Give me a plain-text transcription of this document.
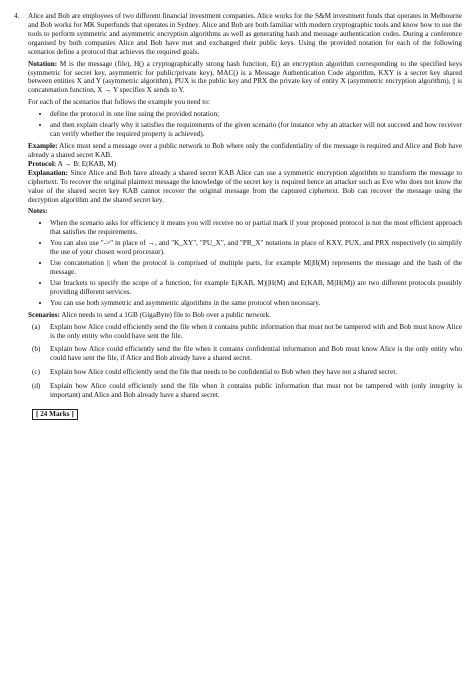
4. Alice and Bob are employees of two different financial investment companies. Alice works for the S&M investment funds that operates in Melbourne and Bob works for MK Superfunds that operates in Sydney. Alice and Bob are both familiar with modern cryptographic tools and know how to use the tools to perform symmetric and asymmetric encryption algorithms as well as generating hash and message authentication codes. During a conference organised by both companies Alice and Bob have met and exchanged their public keys. Using the provided notation for each of the following scenarios define a protocol that achieves the required goals.

Notation: M is the message (file), H() a cryptographically strong hash function, E() an encryption algorithm corresponding to the specified keys (symmetric for secret key, asymmetric for public/private key), MAC() is a Message Authentication Code algorithm, KXY is a secret key shared between entities X and Y (asymmetric algorithm), PUX is the public key and PRX the private key of entity X (asymmetric encryption algorithm), || is concatenation function, X → Y specifies X sends to Y.

For each of the scenarios that follows the example you need to:

• define the protocol in one line using the provided notation;
• and then explain clearly why it satisfies the requirements of the given scenario (for instance why an attacker will not succeed and how receiver can verify whether the required property is achieved).

Example: Alice must send a message over a public network to Bob where only the confidentiality of the message is required and Alice and Bob have already a shared secret KAB.
Protocol: A → B: E(KAB, M)
Explanation: Since Alice and Bob have already a shared secret KAB Alice can use a symmetric encryption algorithm to transform the message to ciphertext. To recover the original plaintext message the knowledge of the secret key is required hence an attacker such as Eve who does not know the value of the shared secret key KAB cannot recover the original message from the captured ciphertext. Bob can recover the message using the decryption algorithm and the shared secret key.

Notes:

• When the scenario asks for efficiency it means you will receive no or partial mark if your proposed protocol is not the most efficient approach that satisfies the requirements.
• You can also use "->" in place of →, and "K_XY", "PU_X", and "PR_X" notations in place of KXY, PUX, and PRX respectively (to simplify the use of your chosen word processor).
• Use concatenation || when the protocol is comprised of multiple parts, for example M||H(M) represents the message and the hash of the message.
• Use brackets to specify the scope of a function, for example E(KAB, M)||H(M) and E(KAB, M||H(M)) are two different protocols possibly providing different services.
• You can use both symmetric and asymmetric algorithms in the same protocol when necessary.

Scenarios: Alice needs to send a 1GB (GigaByte) file to Bob over a public network.

(a) Explain how Alice could efficiently send the file when it contains public information that must not be tampered with and Bob must know Alice is the only entity who could have sent the file.
(b) Explain how Alice could efficiently send the file when it contains confidential information and Bob must know Alice is the only entity who could have sent the file, if Alice and Bob already have a shared secret.
(c) Explain how Alice could efficiently send the file that needs to be confidential to Bob when they have not a shared secret.
(d) Explain how Alice could efficiently send the file when it contains public information that must not be tampered with (only integrity is important) and Alice and Bob already have a shared secret.
[ 24 Marks ]
